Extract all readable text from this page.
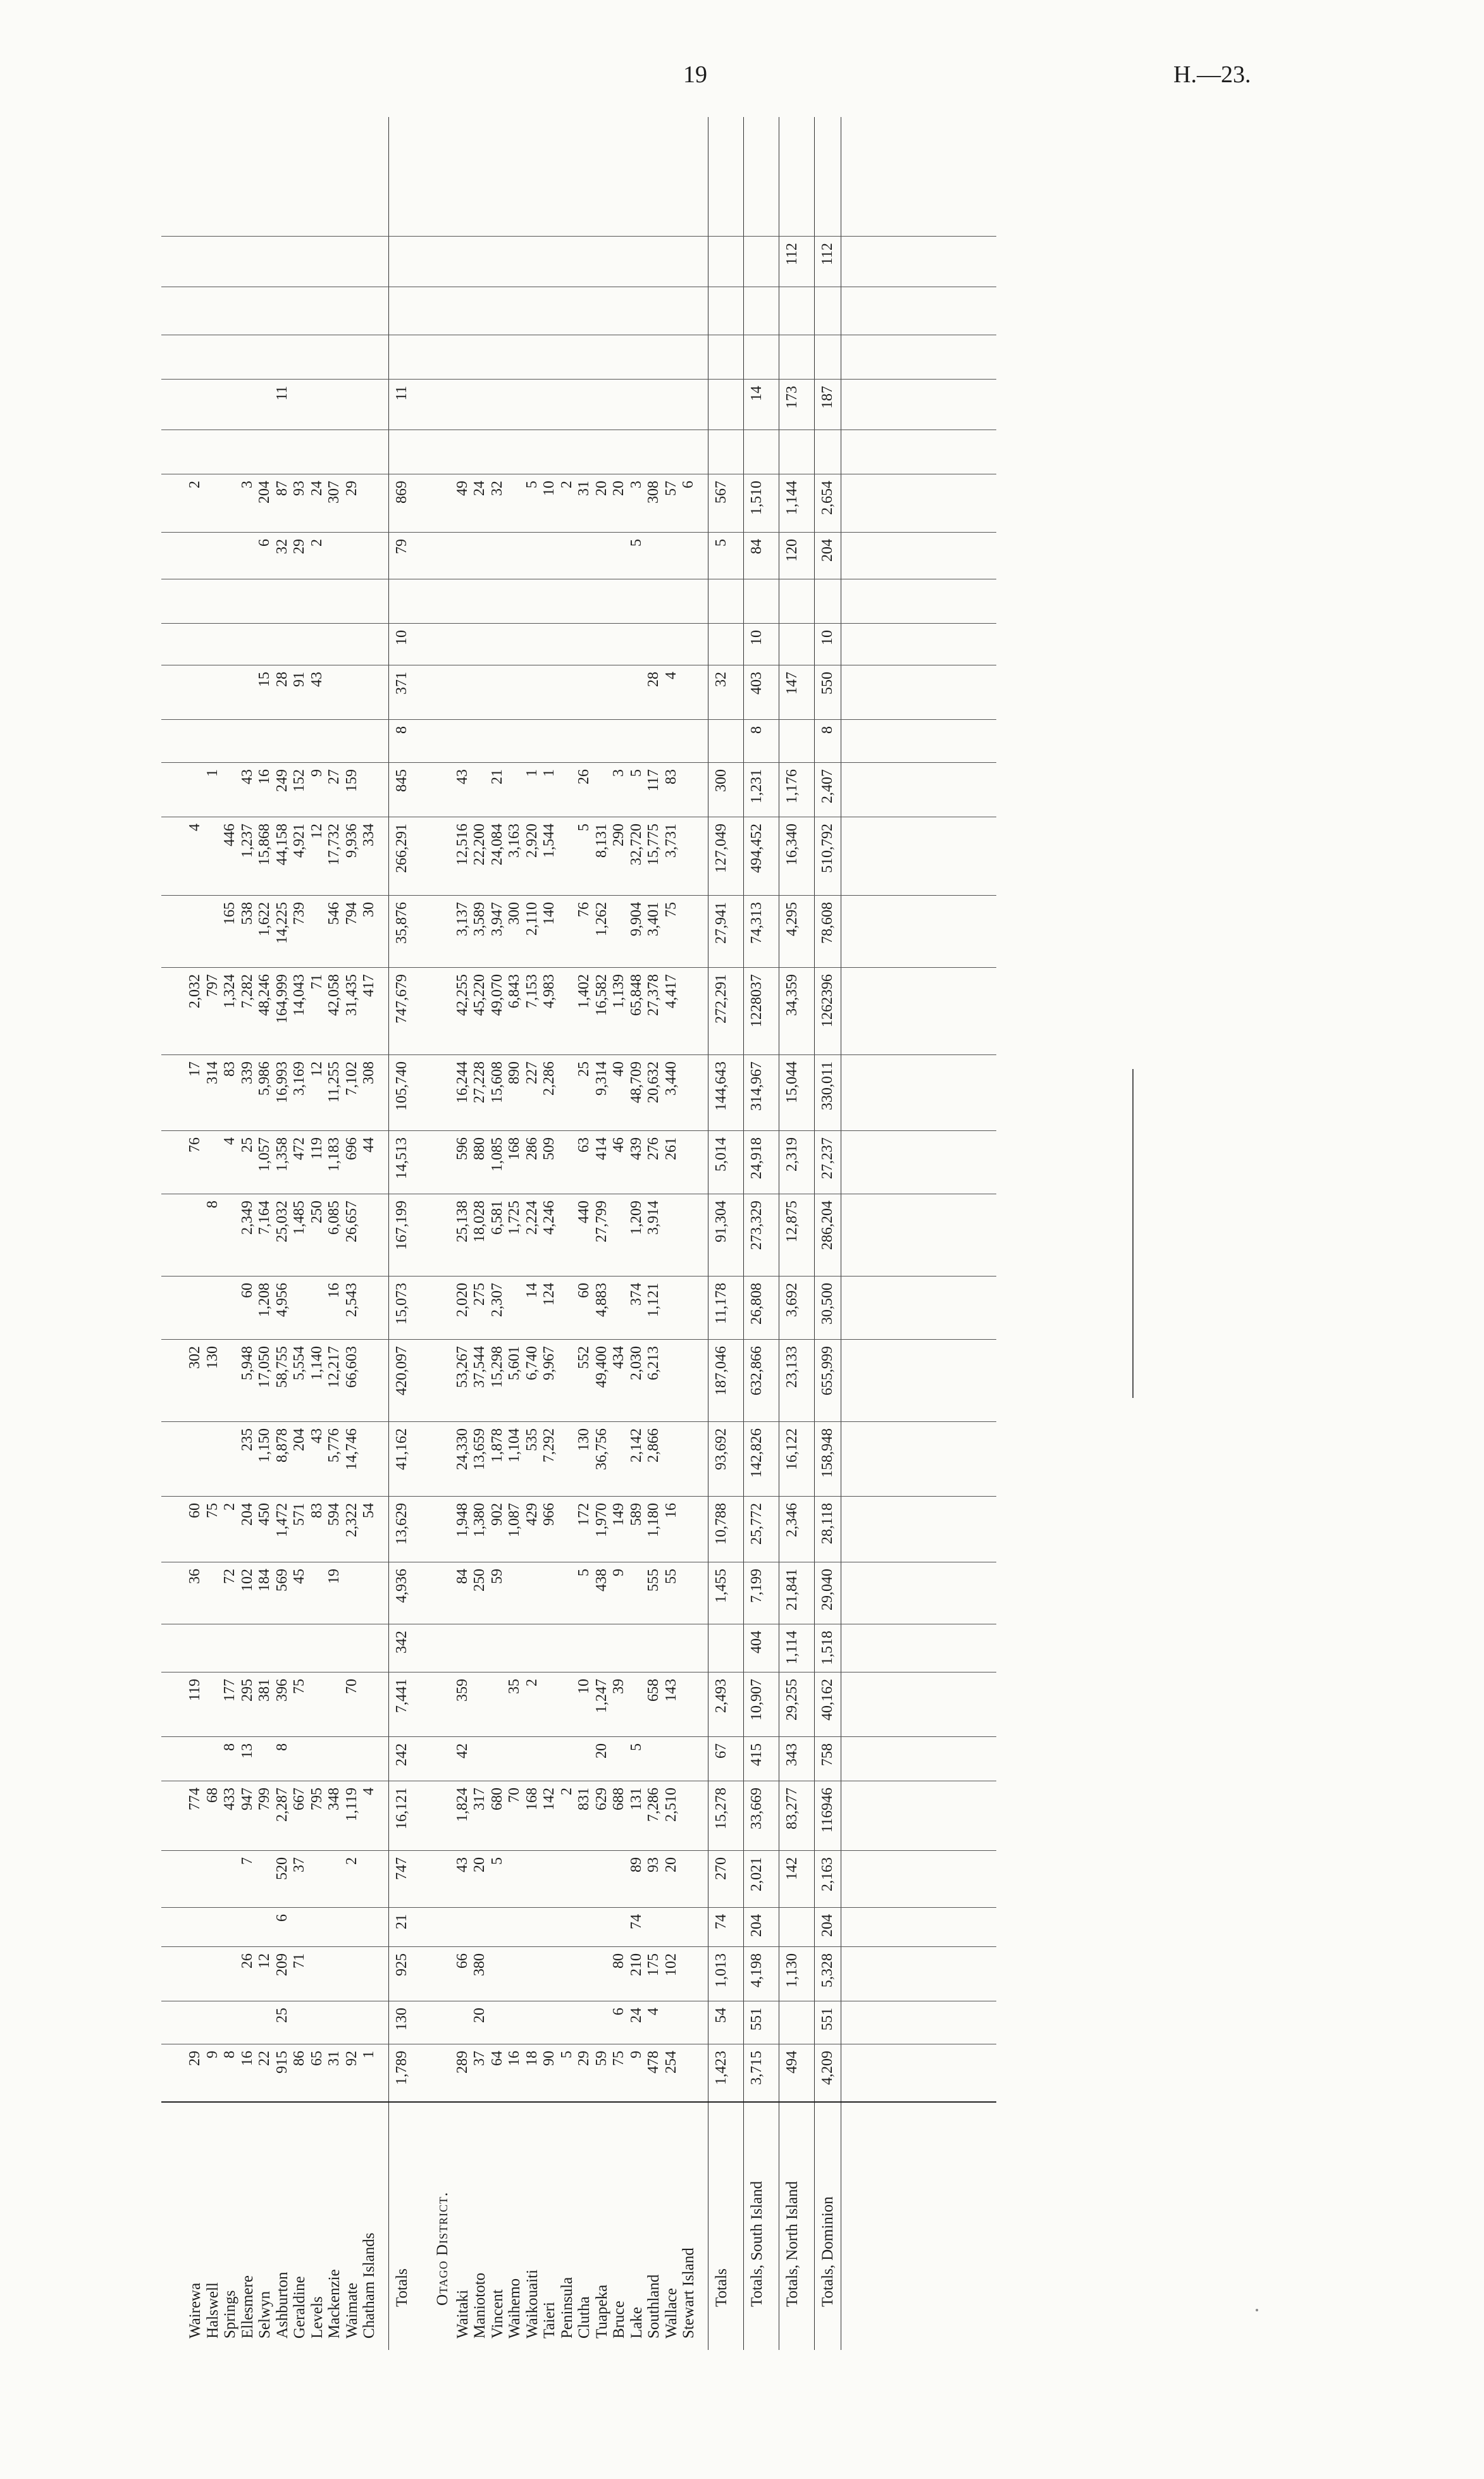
19	H.—23.
Otago District.
Wairewa
29
774
119
36
60
302
76
17
2,032
4
2
Halswell
9
68
75
130
8
314
797
1
Springs
8
433
8
177
72
2
4
83
1,324
165
446
Ellesmere
16
26
7
947
13
295
102
204
235
5,948
60
2,349
25
339
7,282
538
1,237
43
3
Selwyn
22
12
799
381
184
450
1,150
17,050
1,208
7,164
1,057
5,986
48,246
1,622
15,868
16
15
6
204
Ashburton
915
25
209
6
520
2,287
8
396
569
1,472
8,878
58,755
4,956
25,032
1,358
16,993
164,999
14,225
44,158
249
28
32
87
11
Geraldine
86
71
37
667
75
45
571
204
5,554
1,485
472
3,169
14,043
739
4,921
152
91
29
93
Levels
65
795
83
43
1,140
250
119
12
71
12
9
43
2
24
Mackenzie
31
348
19
594
5,776
12,217
16
6,085
1,183
11,255
42,058
546
17,732
27
307
Waimate
92
2
1,119
70
2,322
14,746
66,603
2,543
26,657
696
7,102
31,435
794
9,936
159
29
Chatham Islands
1
4
54
44
308
417
30
334
Totals
1,789
130
925
21
747
16,121
242
7,441
342
4,936
13,629
41,162
420,097
15,073
167,199
14,513
105,740
747,679
35,876
266,291
845
8
371
10
79
869
11
Waitaki
289
66
43
1,824
42
359
84
1,948
24,330
53,267
2,020
25,138
596
16,244
42,255
3,137
12,516
43
49
Maniototo
37
20
380
20
317
250
1,380
13,659
37,544
275
18,028
880
27,228
45,220
3,589
22,200
24
Vincent
64
5
680
59
902
1,878
15,298
2,307
6,581
1,085
15,608
49,070
3,947
24,084
21
32
Waihemo
16
70
35
1,087
1,104
5,601
1,725
168
890
6,843
300
3,163
Waikouaiti
18
168
2
429
535
6,740
14
2,224
286
227
7,153
2,110
2,920
1
5
Taieri
90
142
966
7,292
9,967
124
4,246
509
2,286
4,983
140
1,544
1
10
Peninsula
5
2
2
Clutha
29
831
10
5
172
130
552
60
440
63
25
1,402
76
5
26
31
Tuapeka
59
629
20
1,247
438
1,970
36,756
49,400
4,883
27,799
414
9,314
16,582
1,262
8,131
20
Bruce
75
6
80
688
39
9
149
434
46
40
1,139
290
3
20
Lake
9
24
210
74
89
131
5
589
2,142
2,030
374
1,209
439
48,709
65,848
9,904
32,720
5
5
3
Southland
478
4
175
93
7,286
658
555
1,180
2,866
6,213
1,121
3,914
276
20,632
27,378
3,401
15,775
117
28
308
Wallace
254
102
20
2,510
143
55
16
261
3,440
4,417
75
3,731
83
4
57
Stewart Island
6
Totals
1,423
54
1,013
74
270
15,278
67
2,493
1,455
10,788
93,692
187,046
11,178
91,304
5,014
144,643
272,291
27,941
127,049
300
32
5
567
Totals, South Island
3,715
551
4,198
204
2,021
33,669
415
10,907
404
7,199
25,772
142,826
632,866
26,808
273,329
24,918
314,967
1228037
74,313
494,452
1,231
8
403
10
84
1,510
14
Totals, North Island
494
1,130
142
83,277
343
29,255
1,114
21,841
2,346
16,122
23,133
3,692
12,875
2,319
15,044
34,359
4,295
16,340
1,176
147
120
1,144
173
112
Totals, Dominion
4,209
551
5,328
204
2,163
116946
758
40,162
1,518
29,040
28,118
158,948
655,999
30,500
286,204
27,237
330,011
1262396
78,608
510,792
2,407
8
550
10
204
2,654
187
112
